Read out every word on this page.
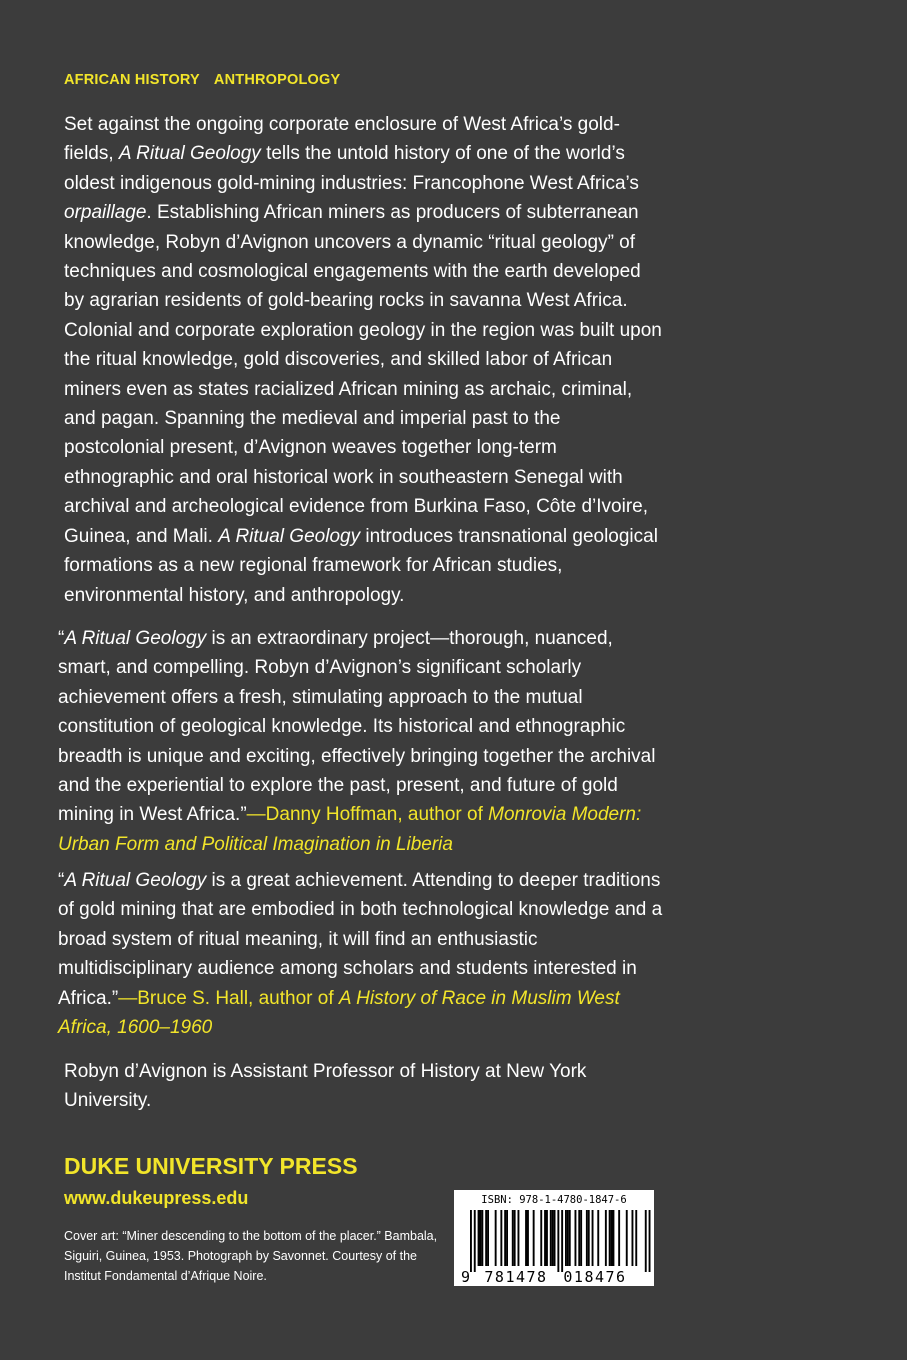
AFRICAN HISTORY ANTHROPOLOGY

Set against the ongoing corporate enclosure of West Africa’s gold-fields, A Ritual Geology tells the untold history of one of the world’s oldest indigenous gold-mining industries: Francophone West Africa’s orpaillage. Establishing African miners as producers of subterranean knowledge, Robyn d’Avignon uncovers a dynamic “ritual geology” of techniques and cosmological engagements with the earth developed by agrarian residents of gold-bearing rocks in savanna West Africa. Colonial and corporate exploration geology in the region was built upon the ritual knowledge, gold discoveries, and skilled labor of African miners even as states racialized African mining as archaic, criminal, and pagan. Spanning the medieval and imperial past to the postcolonial present, d’Avignon weaves together long-term ethnographic and oral historical work in southeastern Senegal with archival and archeological evidence from Burkina Faso, Côte d’Ivoire, Guinea, and Mali. A Ritual Geology introduces transnational geological formations as a new regional framework for African studies, environmental history, and anthropology.

“A Ritual Geology is an extraordinary project—thorough, nuanced, smart, and compelling. Robyn d’Avignon’s significant scholarly achievement offers a fresh, stimulating approach to the mutual constitution of geological knowledge. Its historical and ethnographic breadth is unique and exciting, effectively bringing together the archival and the experiential to explore the past, present, and future of gold mining in West Africa.”—Danny Hoffman, author of Monrovia Modern: Urban Form and Political Imagination in Liberia

“A Ritual Geology is a great achievement. Attending to deeper traditions of gold mining that are embodied in both technological knowledge and a broad system of ritual meaning, it will find an enthusiastic multidisciplinary audience among scholars and students interested in Africa.”—Bruce S. Hall, author of A History of Race in Muslim West Africa, 1600–1960

Robyn d’Avignon is Assistant Professor of History at New York University.

DUKE UNIVERSITY PRESS
www.dukeupress.edu

Cover art: “Miner descending to the bottom of the placer.” Bambala, Siguiri, Guinea, 1953. Photograph by Savonnet. Courtesy of the Institut Fondamental d’Afrique Noire.

ISBN: 978-1-4780-1847-6
9 781478 018476
